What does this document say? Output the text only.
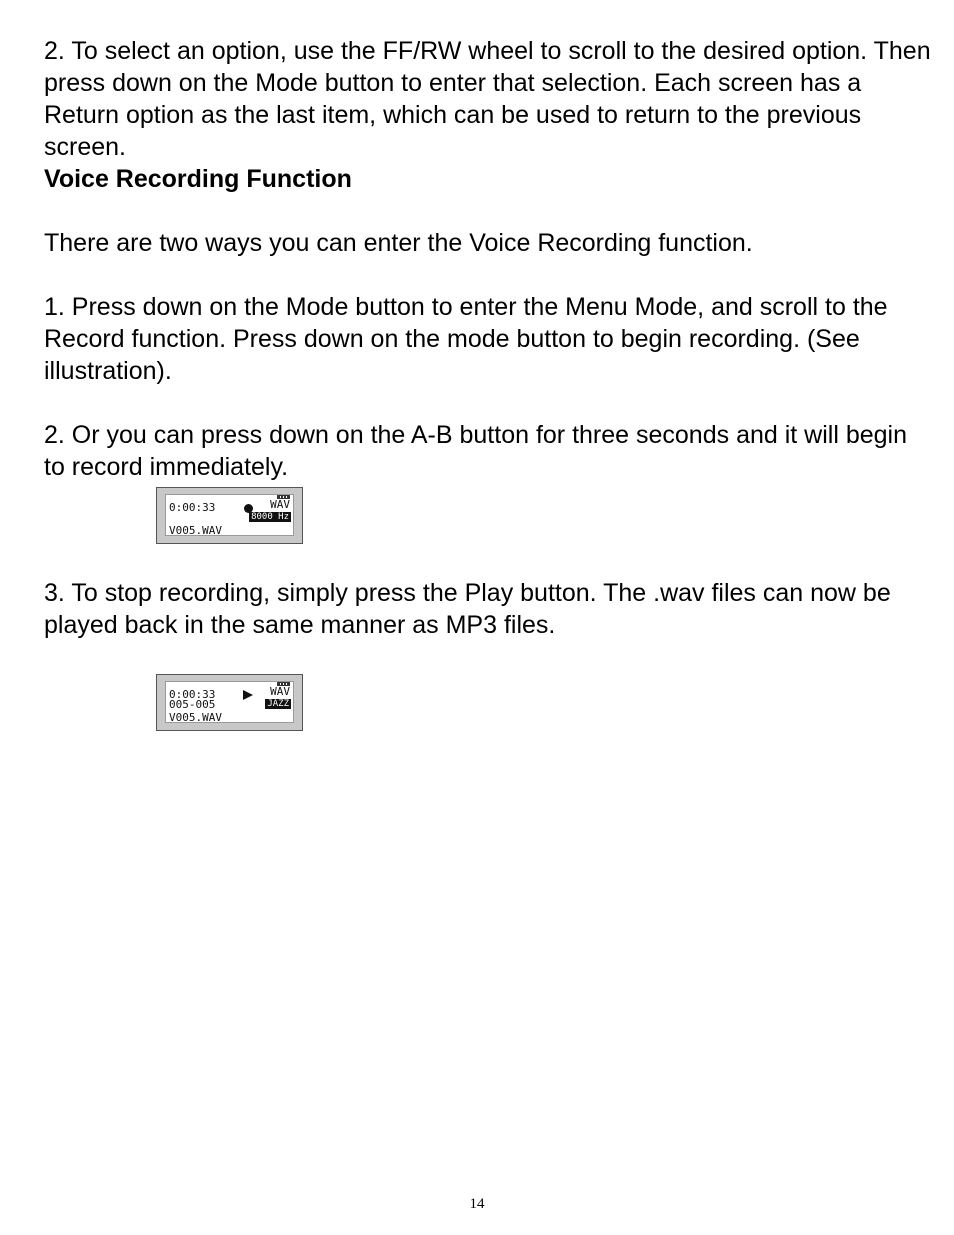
2. To select an option, use the FF/RW wheel to scroll to the desired option. Then press down on the Mode button to enter that selection. Each screen has a Return option as the last item, which can be used to return to the previous screen.

Voice Recording Function

There are two ways you can enter the Voice Recording function.

1. Press down on the Mode button to enter the Menu Mode, and scroll to the Record function. Press down on the mode button to begin recording. (See illustration).

2. Or you can press down on the A-B button for three seconds and it will begin to record immediately.

0:00:33	WAV
8000 Hz
V005.WAV

3. To stop recording, simply press the Play button. The .wav files can now be played back in the same manner as MP3 files.

0:00:33	WAV
005-005	JAZZ
V005.WAV
14
